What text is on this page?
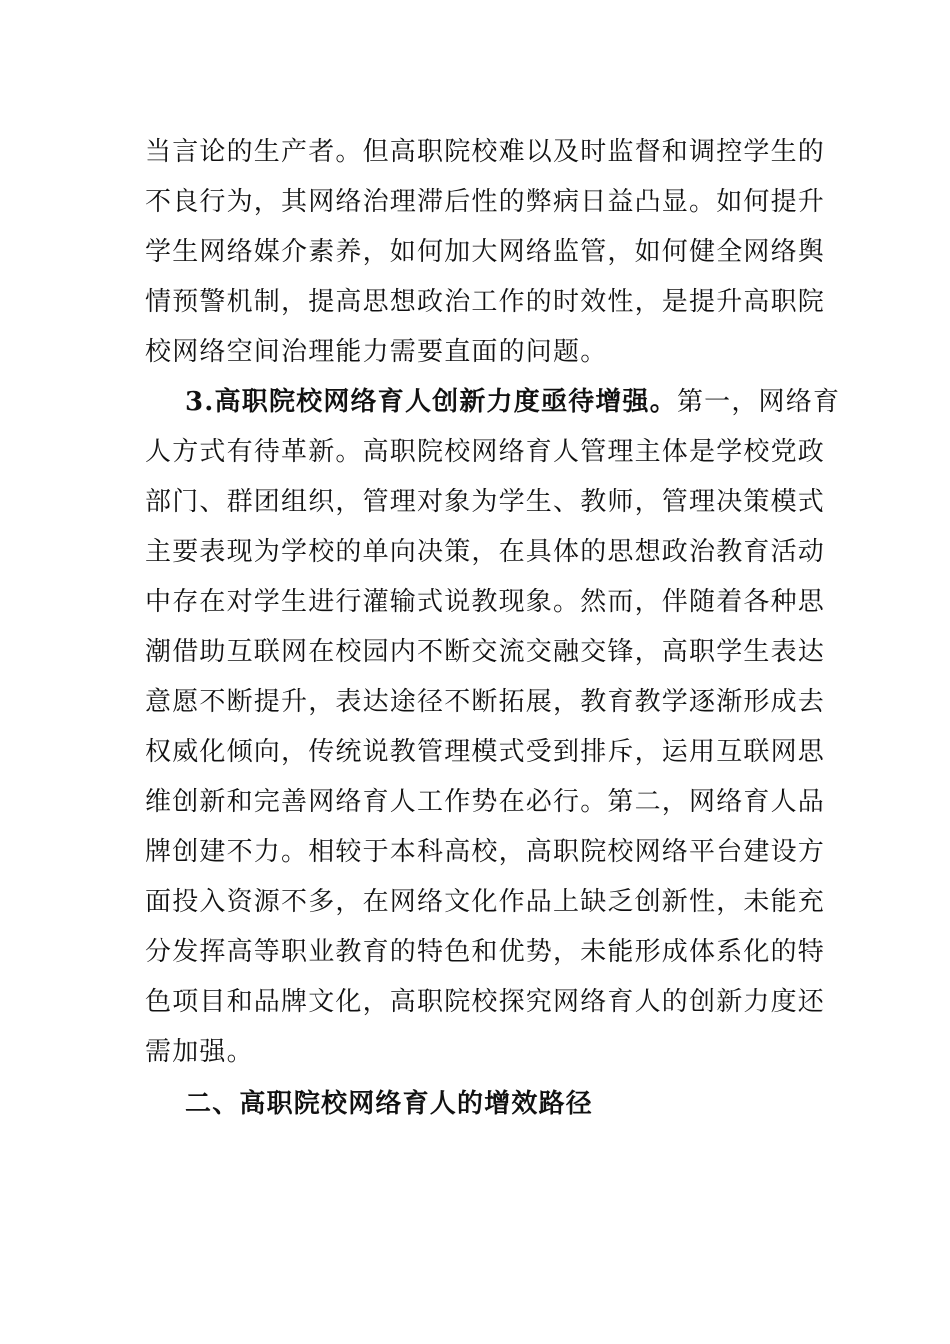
当言论的生产者。但高职院校难以及时监督和调控学生的
不良行为，其网络治理滞后性的弊病日益凸显。如何提升
学生网络媒介素养，如何加大网络监管，如何健全网络舆
情预警机制，提高思想政治工作的时效性，是提升高职院
校网络空间治理能力需要直面的问题。
3.高职院校网络育人创新力度亟待增强。第一，网络育
人方式有待革新。高职院校网络育人管理主体是学校党政
部门、群团组织，管理对象为学生、教师，管理决策模式
主要表现为学校的单向决策，在具体的思想政治教育活动
中存在对学生进行灌输式说教现象。然而，伴随着各种思
潮借助互联网在校园内不断交流交融交锋，高职学生表达
意愿不断提升，表达途径不断拓展，教育教学逐渐形成去
权威化倾向，传统说教管理模式受到排斥，运用互联网思
维创新和完善网络育人工作势在必行。第二，网络育人品
牌创建不力。相较于本科高校，高职院校网络平台建设方
面投入资源不多，在网络文化作品上缺乏创新性，未能充
分发挥高等职业教育的特色和优势，未能形成体系化的特
色项目和品牌文化，高职院校探究网络育人的创新力度还
需加强。
二、高职院校网络育人的增效路径
